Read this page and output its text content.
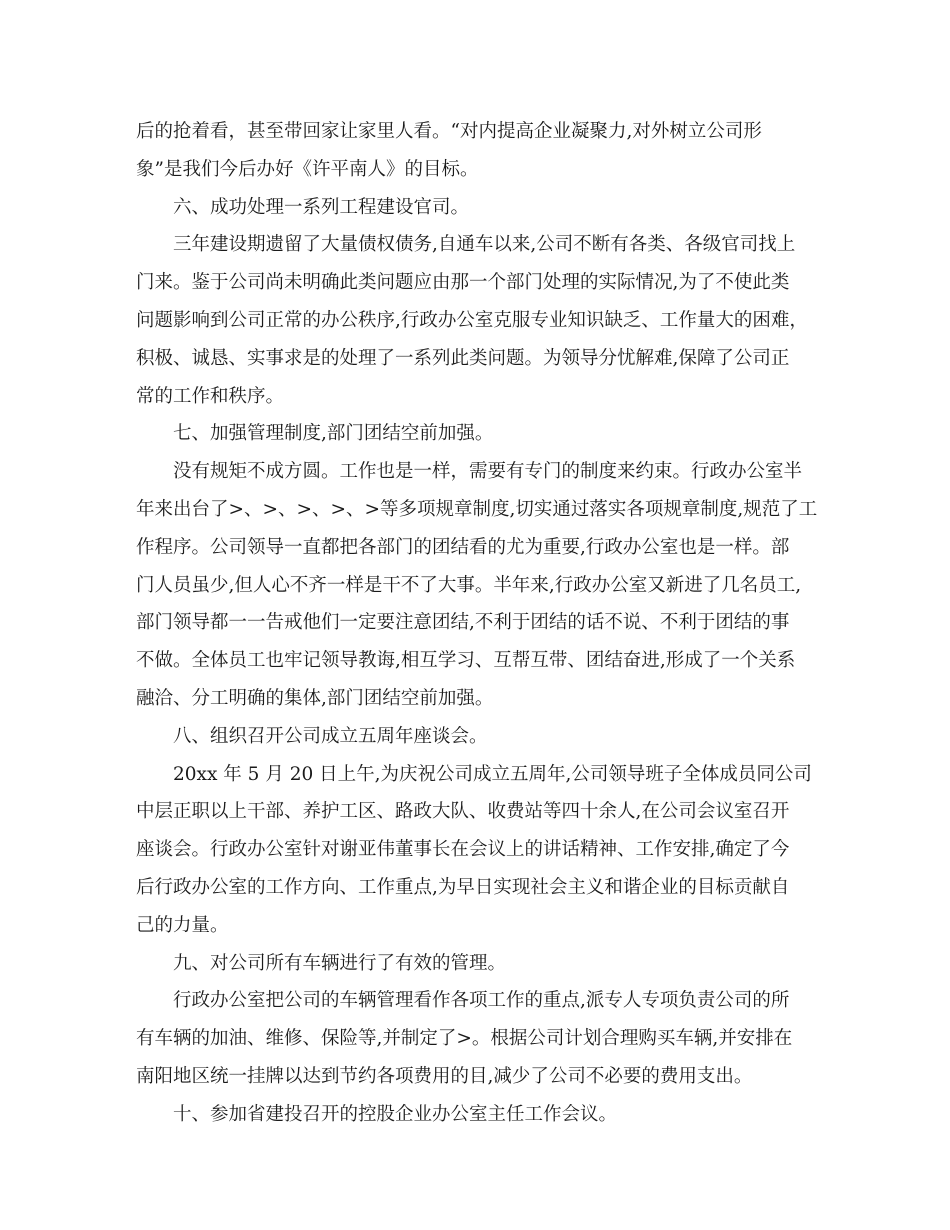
后的抢着看，甚至带回家让家里人看。“对内提高企业凝聚力,对外树立公司形
象”是我们今后办好《许平南人》的目标。
六、成功处理一系列工程建设官司。
三年建设期遗留了大量债权债务,自通车以来,公司不断有各类、各级官司找上
门来。鉴于公司尚未明确此类问题应由那一个部门处理的实际情况,为了不使此类
问题影响到公司正常的办公秩序,行政办公室克服专业知识缺乏、工作量大的困难，
积极、诚恳、实事求是的处理了一系列此类问题。为领导分忧解难,保障了公司正
常的工作和秩序。
七、加强管理制度,部门团结空前加强。
没有规矩不成方圆。工作也是一样，需要有专门的制度来约束。行政办公室半
年来出台了>、>、>、>、>等多项规章制度,切实通过落实各项规章制度,规范了工
作程序。公司领导一直都把各部门的团结看的尤为重要,行政办公室也是一样。部
门人员虽少,但人心不齐一样是干不了大事。半年来,行政办公室又新进了几名员工,
部门领导都一一告戒他们一定要注意团结,不利于团结的话不说、不利于团结的事
不做。全体员工也牢记领导教诲,相互学习、互帮互带、团结奋进,形成了一个关系
融洽、分工明确的集体,部门团结空前加强。
八、组织召开公司成立五周年座谈会。
20xx 年 5 月 20 日上午,为庆祝公司成立五周年,公司领导班子全体成员同公司
中层正职以上干部、养护工区、路政大队、收费站等四十余人,在公司会议室召开
座谈会。行政办公室针对谢亚伟董事长在会议上的讲话精神、工作安排,确定了今
后行政办公室的工作方向、工作重点,为早日实现社会主义和谐企业的目标贡献自
己的力量。
九、对公司所有车辆进行了有效的管理。
行政办公室把公司的车辆管理看作各项工作的重点,派专人专项负责公司的所
有车辆的加油、维修、保险等,并制定了>。根据公司计划合理购买车辆,并安排在
南阳地区统一挂牌以达到节约各项费用的目,减少了公司不必要的费用支出。
十、参加省建投召开的控股企业办公室主任工作会议。
